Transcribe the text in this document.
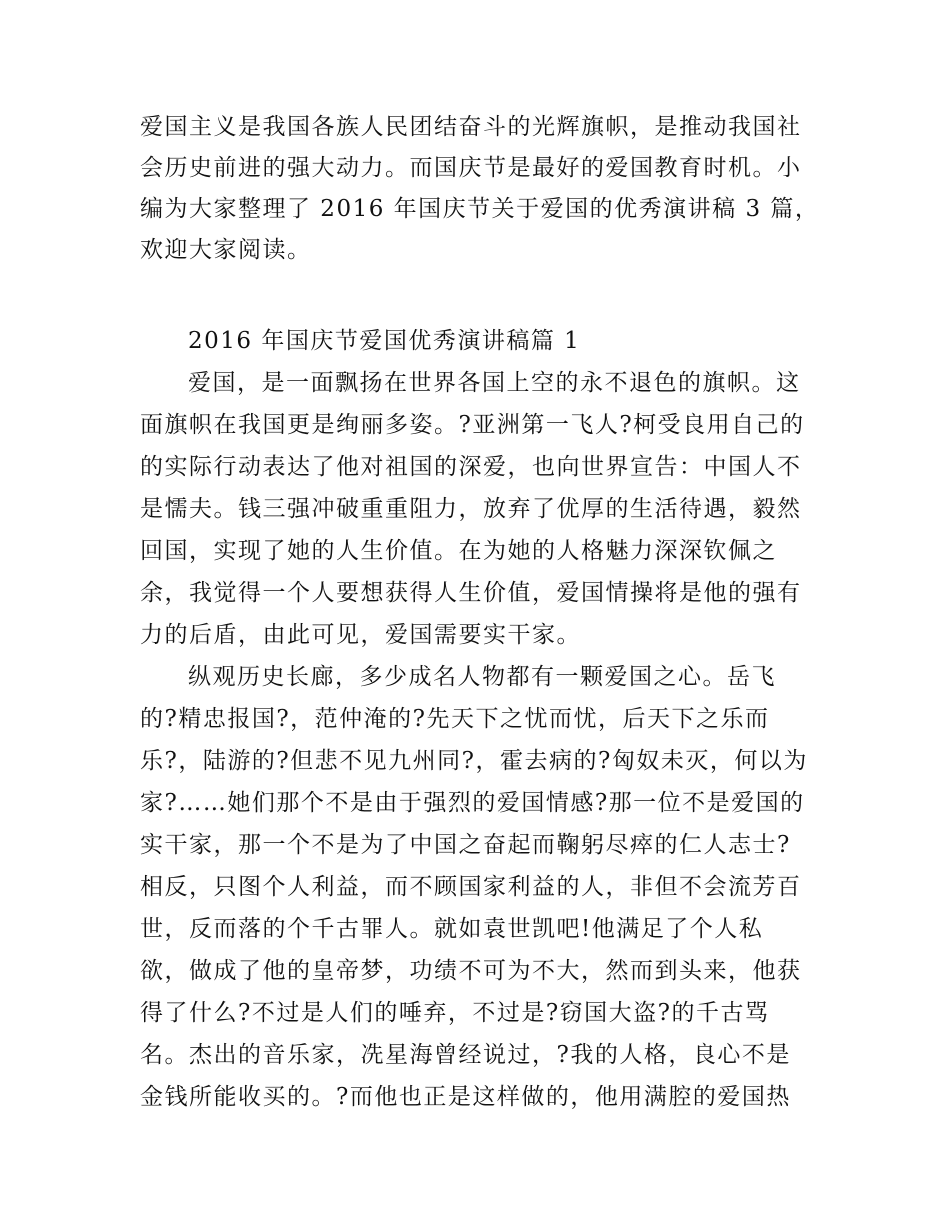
爱国主义是我国各族人民团结奋斗的光辉旗帜，是推动我国社
会历史前进的强大动力。而国庆节是最好的爱国教育时机。小
编为大家整理了 2016 年国庆节关于爱国的优秀演讲稿 3 篇，
欢迎大家阅读。
2016 年国庆节爱国优秀演讲稿篇 1
爱国，是一面飘扬在世界各国上空的永不退色的旗帜。这
面旗帜在我国更是绚丽多姿。?亚洲第一飞人?柯受良用自己的
的实际行动表达了他对祖国的深爱，也向世界宣告：中国人不
是懦夫。钱三强冲破重重阻力，放弃了优厚的生活待遇，毅然
回国，实现了她的人生价值。在为她的人格魅力深深钦佩之
余，我觉得一个人要想获得人生价值，爱国情操将是他的强有
力的后盾，由此可见，爱国需要实干家。
纵观历史长廊，多少成名人物都有一颗爱国之心。岳飞
的?精忠报国?，范仲淹的?先天下之忧而忧，后天下之乐而
乐?，陆游的?但悲不见九州同?，霍去病的?匈奴未灭，何以为
家?……她们那个不是由于强烈的爱国情感?那一位不是爱国的
实干家，那一个不是为了中国之奋起而鞠躬尽瘁的仁人志士?
相反，只图个人利益，而不顾国家利益的人，非但不会流芳百
世，反而落的个千古罪人。就如袁世凯吧!他满足了个人私
欲，做成了他的皇帝梦，功绩不可为不大，然而到头来，他获
得了什么?不过是人们的唾弃，不过是?窃国大盗?的千古骂
名。杰出的音乐家，冼星海曾经说过，?我的人格，良心不是
金钱所能收买的。?而他也正是这样做的，他用满腔的爱国热
